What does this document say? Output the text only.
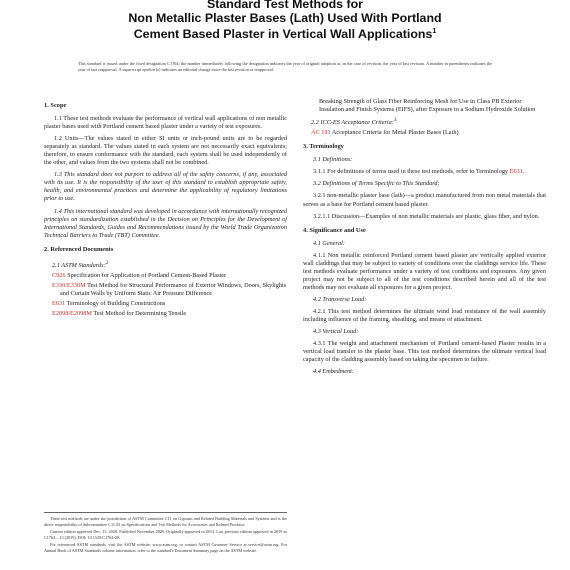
Standard Test Methods for
Non Metallic Plaster Bases (Lath) Used With Portland
Cement Based Plaster in Vertical Wall Applications$^1$
This standard is issued under the fixed designation C1764; the number immediately following the designation indicates the year of original adoption or, in the case of revision, the year of last revision. A number in parentheses indicates the year of last reapproval. A superscript epsilon (ε) indicates an editorial change since the last revision or reapproval.
1. Scope

1.1 These test methods evaluate the performance of vertical wall applications of non metallic plaster bases used with Portland cement based plaster under a variety of test exposures.

1.2 Units—The values stated in either SI units or inch-pound units are to be regarded separately as standard. The values stated in each system are not necessarily exact equivalents; therefore, to ensure conformance with the standard, each system shall be used independently of the other, and values from the two systems shall not be combined.

1.3 This standard does not purport to address all of the safety concerns, if any, associated with its use. It is the responsibility of the user of this standard to establish appropriate safety, health, and environmental practices and determine the applicability of regulatory limitations prior to use.

1.4 This international standard was developed in accordance with internationally recognized principles on standardization established in the Decision on Principles for the Development of International Standards, Guides and Recommendations issued by the World Trade Organization Technical Barriers to Trade (TBT) Committee.

2. Referenced Documents
2.1 ASTM Standards:$^2$
C926 Specification for Application of Portland Cement-Based Plaster
E330/E330M Test Method for Structural Performance of Exterior Windows, Doors, Skylights and Curtain Walls by Uniform Static Air Pressure Difference
E631 Terminology of Building Constructions
E2098/E2098M Test Method for Determining Tensile
Breaking Strength of Glass Fiber Reinforcing Mesh for Use in Class PB Exterior Insulation and Finish Systems (EIFS), after Exposure to a Sodium Hydroxide Solution
2.2 ICC-ES Acceptance Criteria:$^3$
AC 191 Acceptance Criteria for Metal Plaster Bases (Lath)
3. Terminology

3.1 Definitions:

3.1.1 For definitions of terms used in these test methods, refer to Terminology E631.

3.2 Definitions of Terms Specific to This Standard:

3.2.1 non-metallic plaster base (lath)—a product manufactured from non metal materials that serves as a base for Portland cement based plaster.

3.2.1.1 Discussion—Examples of non metallic materials are plastic, glass fiber, and nylon.

4. Significance and Use

4.1 General:

4.1.1 Non metallic reinforced Portland cement based plaster are vertically applied exterior wall claddings that may be subject to variety of conditions over the claddings service life. These test methods evaluate performance under a variety of test conditions and exposures. Any given project may not be subject to all of the test conditions described herein and all of the test methods may not evaluate all exposures for a given project.

4.2 Transverse Load:

4.2.1 This test method determines the ultimate wind load resistance of the wall assembly including influence of the framing, sheathing, and means of attachment.

4.3 Vertical Load:

4.3.1 The weight and attachment mechanism of Portland cement-based Plaster results in a vertical load transfer to the plaster base. This test method determines the ultimate vertical load capacity of the cladding assembly based on taking the specimen to failure.

4.4 Embedment:

These test methods are under the jurisdiction of ASTM Committee C11 on Gypsum and Related Building Materials and Systems and is the direct responsibility of Subcommittee C11.03 on Specifications and Test Methods for Accessories and Related Products.

Current edition approved Dec. 15, 2020. Published November 2020. Originally approved in 2013. Last previous edition approved in 2019 as C1764 – 13 (2019). DOI: 10.1520/C1764-20.

For referenced ASTM standards, visit the ASTM website, www.astm.org, or contact ASTM Customer Service at service@astm.org. For Annual Book of ASTM Standards volume information, refer to the standard's Document Summary page on the ASTM website.
